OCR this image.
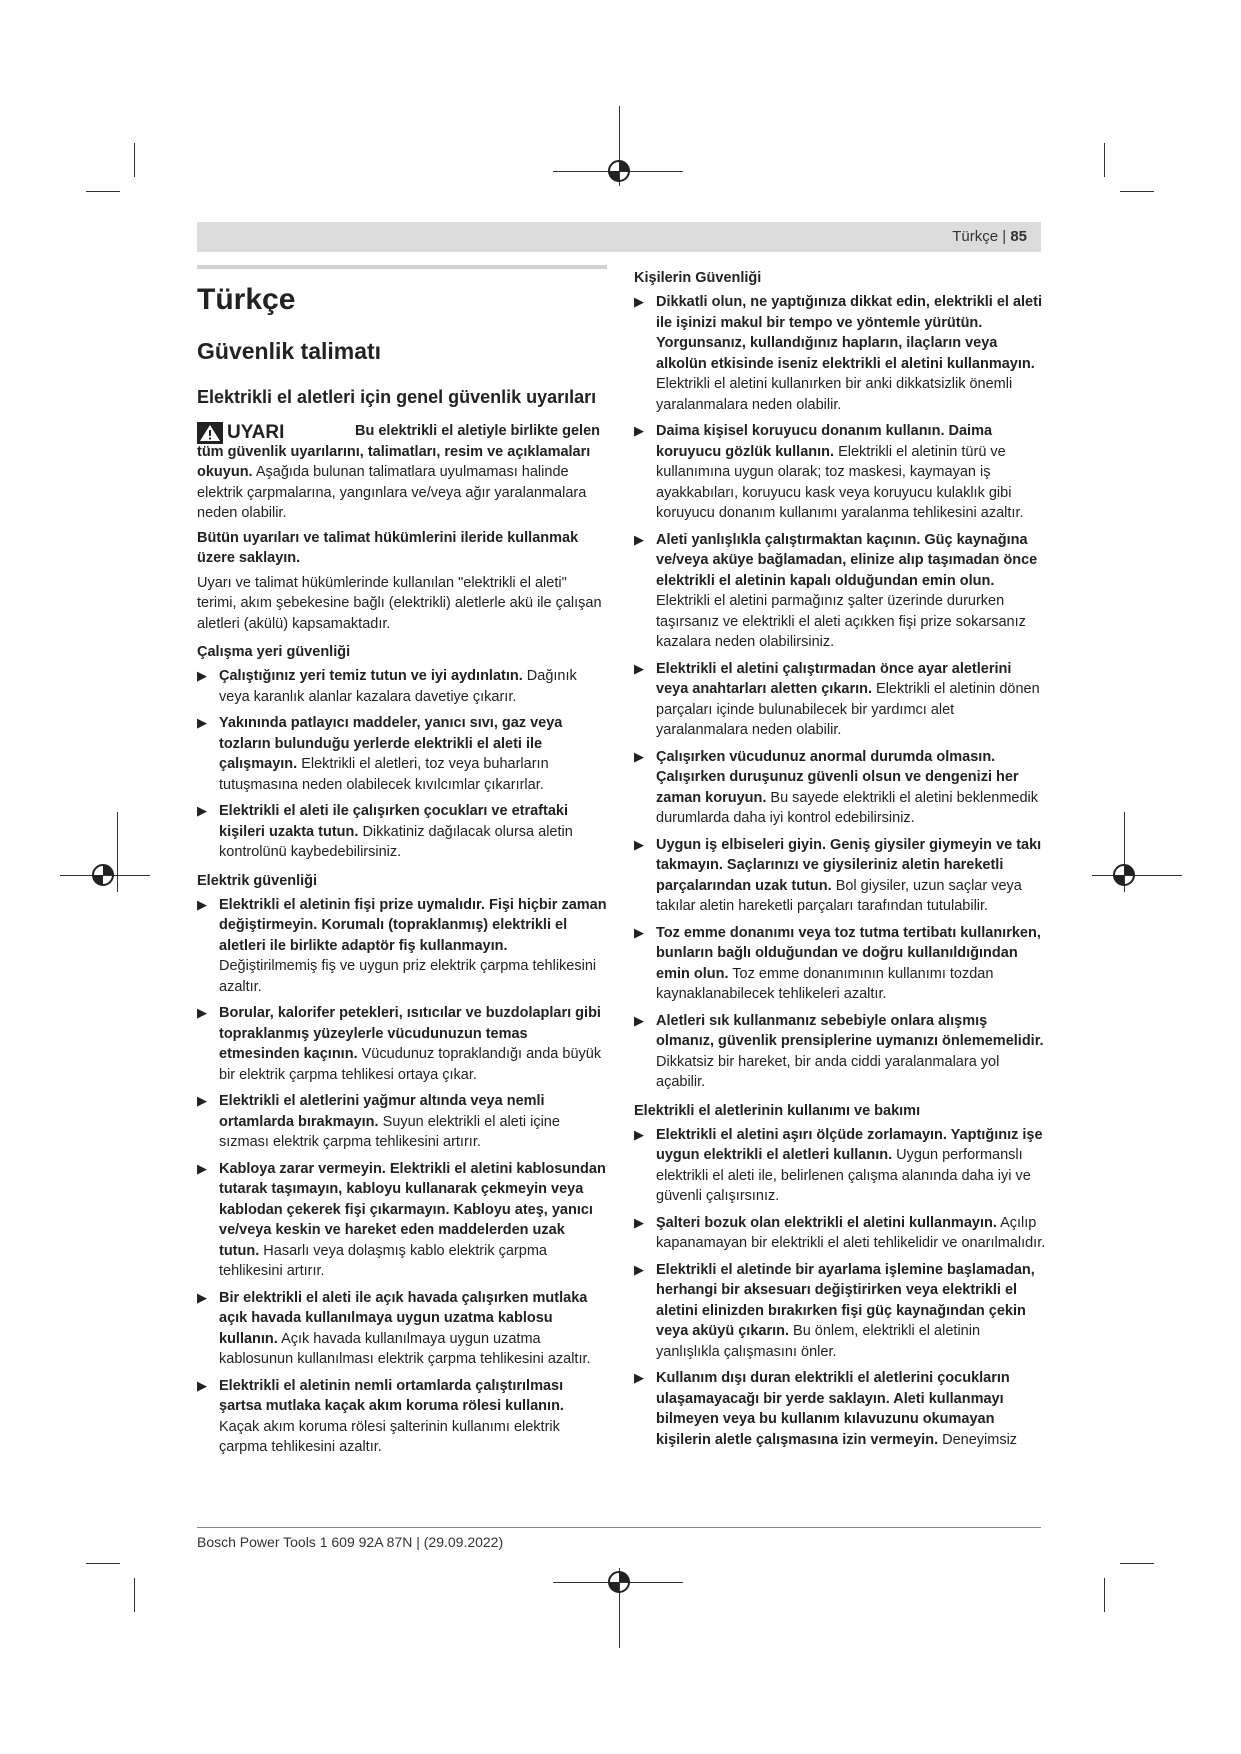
Türkçe | 85
Türkçe
Güvenlik talimatı
Elektrikli el aletleri için genel güvenlik uyarıları
UYARI	Bu elektrikli el aletiyle birlikte gelen tüm güvenlik uyarılarını, talimatları, resim ve açıklamaları okuyun. Aşağıda bulunan talimatlara uyulmaması halinde elektrik çarpmalarına, yangınlara ve/veya ağır yaralanmalara neden olabilir.

Bütün uyarıları ve talimat hükümlerini ileride kullanmak üzere saklayın.

Uyarı ve talimat hükümlerinde kullanılan "elektrikli el aleti" terimi, akım şebekesine bağlı (elektrikli) aletlerle akü ile çalışan aletleri (akülü) kapsamaktadır.

Çalışma yeri güvenliği
▶ Çalıştığınız yeri temiz tutun ve iyi aydınlatın. Dağınık veya karanlık alanlar kazalara davetiye çıkarır.
▶ Yakınında patlayıcı maddeler, yanıcı sıvı, gaz veya tozların bulunduğu yerlerde elektrikli el aleti ile çalışmayın. Elektrikli el aletleri, toz veya buharların tutuşmasına neden olabilecek kıvılcımlar çıkarırlar.
▶ Elektrikli el aleti ile çalışırken çocukları ve etraftaki kişileri uzakta tutun. Dikkatiniz dağılacak olursa aletin kontrolünü kaybedebilirsiniz.
Elektrik güvenliği
▶ Elektrikli el aletinin fişi prize uymalıdır. Fişi hiçbir zaman değiştirmeyin. Korumalı (topraklanmış) elektrikli el aletleri ile birlikte adaptör fiş kullanmayın. Değiştirilmemiş fiş ve uygun priz elektrik çarpma tehlikesini azaltır.
▶ Borular, kalorifer petekleri, ısıtıcılar ve buzdolapları gibi topraklanmış yüzeylerle vücudunuzun temas etmesinden kaçının. Vücudunuz topraklandığı anda büyük bir elektrik çarpma tehlikesi ortaya çıkar.
▶ Elektrikli el aletlerini yağmur altında veya nemli ortamlarda bırakmayın. Suyun elektrikli el aleti içine sızması elektrik çarpma tehlikesini artırır.
▶ Kabloya zarar vermeyin. Elektrikli el aletini kablosundan tutarak taşımayın, kabloyu kullanarak çekmeyin veya kablodan çekerek fişi çıkarmayın. Kabloyu ateş, yanıcı ve/veya keskin ve hareket eden maddelerden uzak tutun. Hasarlı veya dolaşmış kablo elektrik çarpma tehlikesini artırır.
▶ Bir elektrikli el aleti ile açık havada çalışırken mutlaka açık havada kullanılmaya uygun uzatma kablosu kullanın. Açık havada kullanılmaya uygun uzatma kablosunun kullanılması elektrik çarpma tehlikesini azaltır.
▶ Elektrikli el aletinin nemli ortamlarda çalıştırılması şartsa mutlaka kaçak akım koruma rölesi kullanın. Kaçak akım koruma rölesi şalterinin kullanımı elektrik çarpma tehlikesini azaltır.
Kişilerin Güvenliği
▶ Dikkatli olun, ne yaptığınıza dikkat edin, elektrikli el aleti ile işinizi makul bir tempo ve yöntemle yürütün. Yorgunsanız, kullandığınız hapların, ilaçların veya alkolün etkisinde iseniz elektrikli el aletini kullanmayın. Elektrikli el aletini kullanırken bir anki dikkatsizlik önemli yaralanmalara neden olabilir.
▶ Daima kişisel koruyucu donanım kullanın. Daima koruyucu gözlük kullanın. Elektrikli el aletinin türü ve kullanımına uygun olarak; toz maskesi, kaymayan iş ayakkabıları, koruyucu kask veya koruyucu kulaklık gibi koruyucu donanım kullanımı yaralanma tehlikesini azaltır.
▶ Aleti yanlışlıkla çalıştırmaktan kaçının. Güç kaynağına ve/veya aküye bağlamadan, elinize alıp taşımadan önce elektrikli el aletinin kapalı olduğundan emin olun. Elektrikli el aletini parmağınız şalter üzerinde dururken taşırsanız ve elektrikli el aleti açıkken fişi prize sokarsanız kazalara neden olabilirsiniz.
▶ Elektrikli el aletini çalıştırmadan önce ayar aletlerini veya anahtarları aletten çıkarın. Elektrikli el aletinin dönen parçaları içinde bulunabilecek bir yardımcı alet yaralanmalara neden olabilir.
▶ Çalışırken vücudunuz anormal durumda olmasın. Çalışırken duruşunuz güvenli olsun ve dengenizi her zaman koruyun. Bu sayede elektrikli el aletini beklenmedik durumlarda daha iyi kontrol edebilirsiniz.
▶ Uygun iş elbiseleri giyin. Geniş giysiler giymeyin ve takı takmayın. Saçlarınızı ve giysileriniz aletin hareketli parçalarından uzak tutun. Bol giysiler, uzun saçlar veya takılar aletin hareketli parçaları tarafından tutulabilir.
▶ Toz emme donanımı veya toz tutma tertibatı kullanırken, bunların bağlı olduğundan ve doğru kullanıldığından emin olun. Toz emme donanımının kullanımı tozdan kaynaklanabilecek tehlikeleri azaltır.
▶ Aletleri sık kullanmanız sebebiyle onlara alışmış olmanız, güvenlik prensiplerine uymanızı önlememelidir. Dikkatsiz bir hareket, bir anda ciddi yaralanmalara yol açabilir.
Elektrikli el aletlerinin kullanımı ve bakımı
▶ Elektrikli el aletini aşırı ölçüde zorlamayın. Yaptığınız işe uygun elektrikli el aletleri kullanın. Uygun performanslı elektrikli el aleti ile, belirlenen çalışma alanında daha iyi ve güvenli çalışırsınız.
▶ Şalteri bozuk olan elektrikli el aletini kullanmayın. Açılıp kapanamayan bir elektrikli el aleti tehlikelidir ve onarılmalıdır.
▶ Elektrikli el aletinde bir ayarlama işlemine başlamadan, herhangi bir aksesuarı değiştirirken veya elektrikli el aletini elinizden bırakırken fişi güç kaynağından çekin veya aküyü çıkarın. Bu önlem, elektrikli el aletinin yanlışlıkla çalışmasını önler.
▶ Kullanım dışı duran elektrikli el aletlerini çocukların ulaşamayacağı bir yerde saklayın. Aleti kullanmayı bilmeyen veya bu kullanım kılavuzunu okumayan kişilerin aletle çalışmasına izin vermeyin. Deneyimsiz
Bosch Power Tools 1 609 92A 87N | (29.09.2022)
